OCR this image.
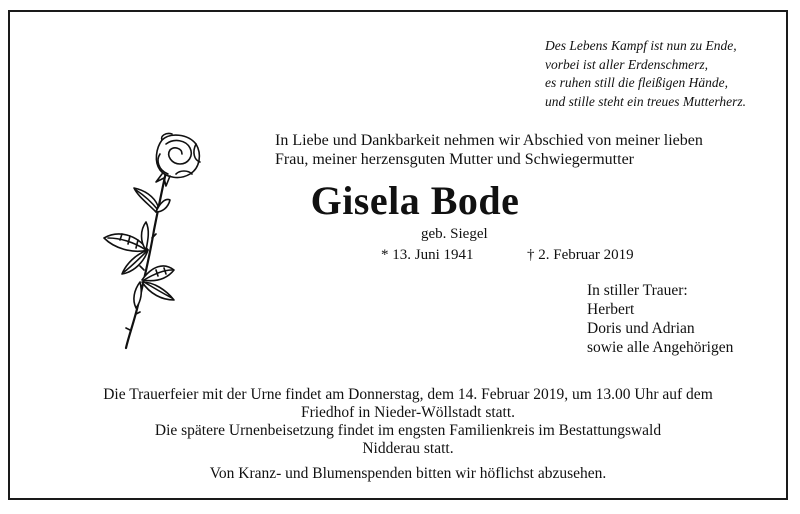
Des Lebens Kampf ist nun zu Ende,
vorbei ist aller Erdenschmerz,
es ruhen still die fleißigen Hände,
und stille steht ein treues Mutterherz.
In Liebe und Dankbarkeit nehmen wir Abschied von meiner lieben
Frau, meiner herzensguten Mutter und Schwiegermutter
Gisela Bode
geb. Siegel
* 13. Juni 1941	† 2. Februar 2019
In stiller Trauer:
Herbert
Doris und Adrian
sowie alle Angehörigen
Die Trauerfeier mit der Urne findet am Donnerstag, dem 14. Februar 2019, um 13.00 Uhr auf dem
Friedhof in Nieder-Wöllstadt statt.
Die spätere Urnenbeisetzung findet im engsten Familienkreis im Bestattungswald
Nidderau statt.
Von Kranz- und Blumenspenden bitten wir höflichst abzusehen.
